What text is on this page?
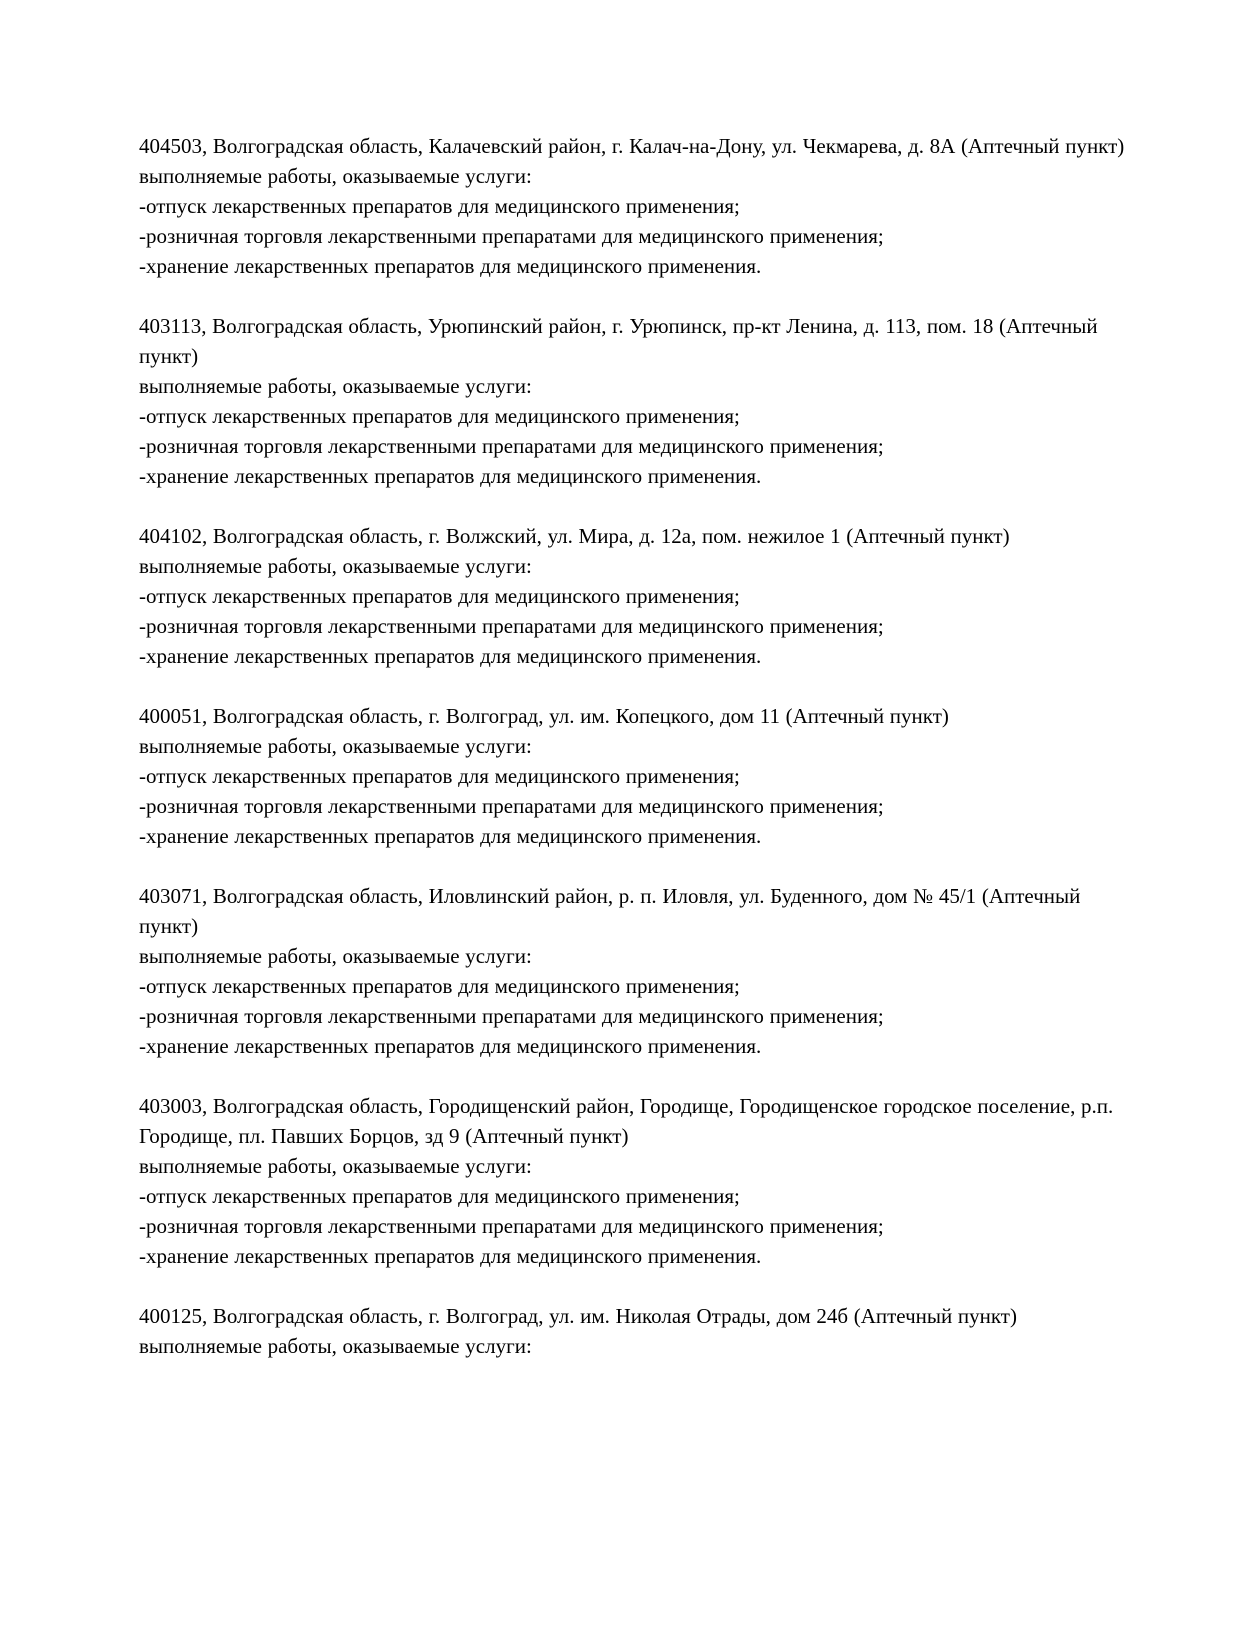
404503, Волгоградская область, Калачевский район, г. Калач-на-Дону, ул. Чекмарева, д. 8А (Аптечный пункт)

выполняемые работы, оказываемые услуги:

-отпуск лекарственных препаратов для медицинского применения;

-розничная торговля лекарственными препаратами для медицинского применения;

-хранение лекарственных препаратов для медицинского применения.

403113, Волгоградская область, Урюпинский район, г. Урюпинск, пр-кт Ленина, д. 113, пом. 18 (Аптечный пункт)

выполняемые работы, оказываемые услуги:

-отпуск лекарственных препаратов для медицинского применения;

-розничная торговля лекарственными препаратами для медицинского применения;

-хранение лекарственных препаратов для медицинского применения.

404102, Волгоградская область, г. Волжский, ул. Мира, д. 12а, пом. нежилое 1 (Аптечный пункт)

выполняемые работы, оказываемые услуги:

-отпуск лекарственных препаратов для медицинского применения;

-розничная торговля лекарственными препаратами для медицинского применения;

-хранение лекарственных препаратов для медицинского применения.

400051, Волгоградская область, г. Волгоград, ул. им. Копецкого, дом 11 (Аптечный пункт)

выполняемые работы, оказываемые услуги:

-отпуск лекарственных препаратов для медицинского применения;

-розничная торговля лекарственными препаратами для медицинского применения;

-хранение лекарственных препаратов для медицинского применения.

403071, Волгоградская область, Иловлинский район, р. п. Иловля, ул. Буденного, дом № 45/1 (Аптечный пункт)

выполняемые работы, оказываемые услуги:

-отпуск лекарственных препаратов для медицинского применения;

-розничная торговля лекарственными препаратами для медицинского применения;

-хранение лекарственных препаратов для медицинского применения.

403003, Волгоградская область, Городищенский район, Городище, Городищенское городское поселение, р.п. Городище, пл. Павших Борцов, зд 9 (Аптечный пункт)

выполняемые работы, оказываемые услуги:

-отпуск лекарственных препаратов для медицинского применения;

-розничная торговля лекарственными препаратами для медицинского применения;

-хранение лекарственных препаратов для медицинского применения.

400125, Волгоградская область, г. Волгоград, ул. им. Николая Отрады, дом 24б (Аптечный пункт)

выполняемые работы, оказываемые услуги:
